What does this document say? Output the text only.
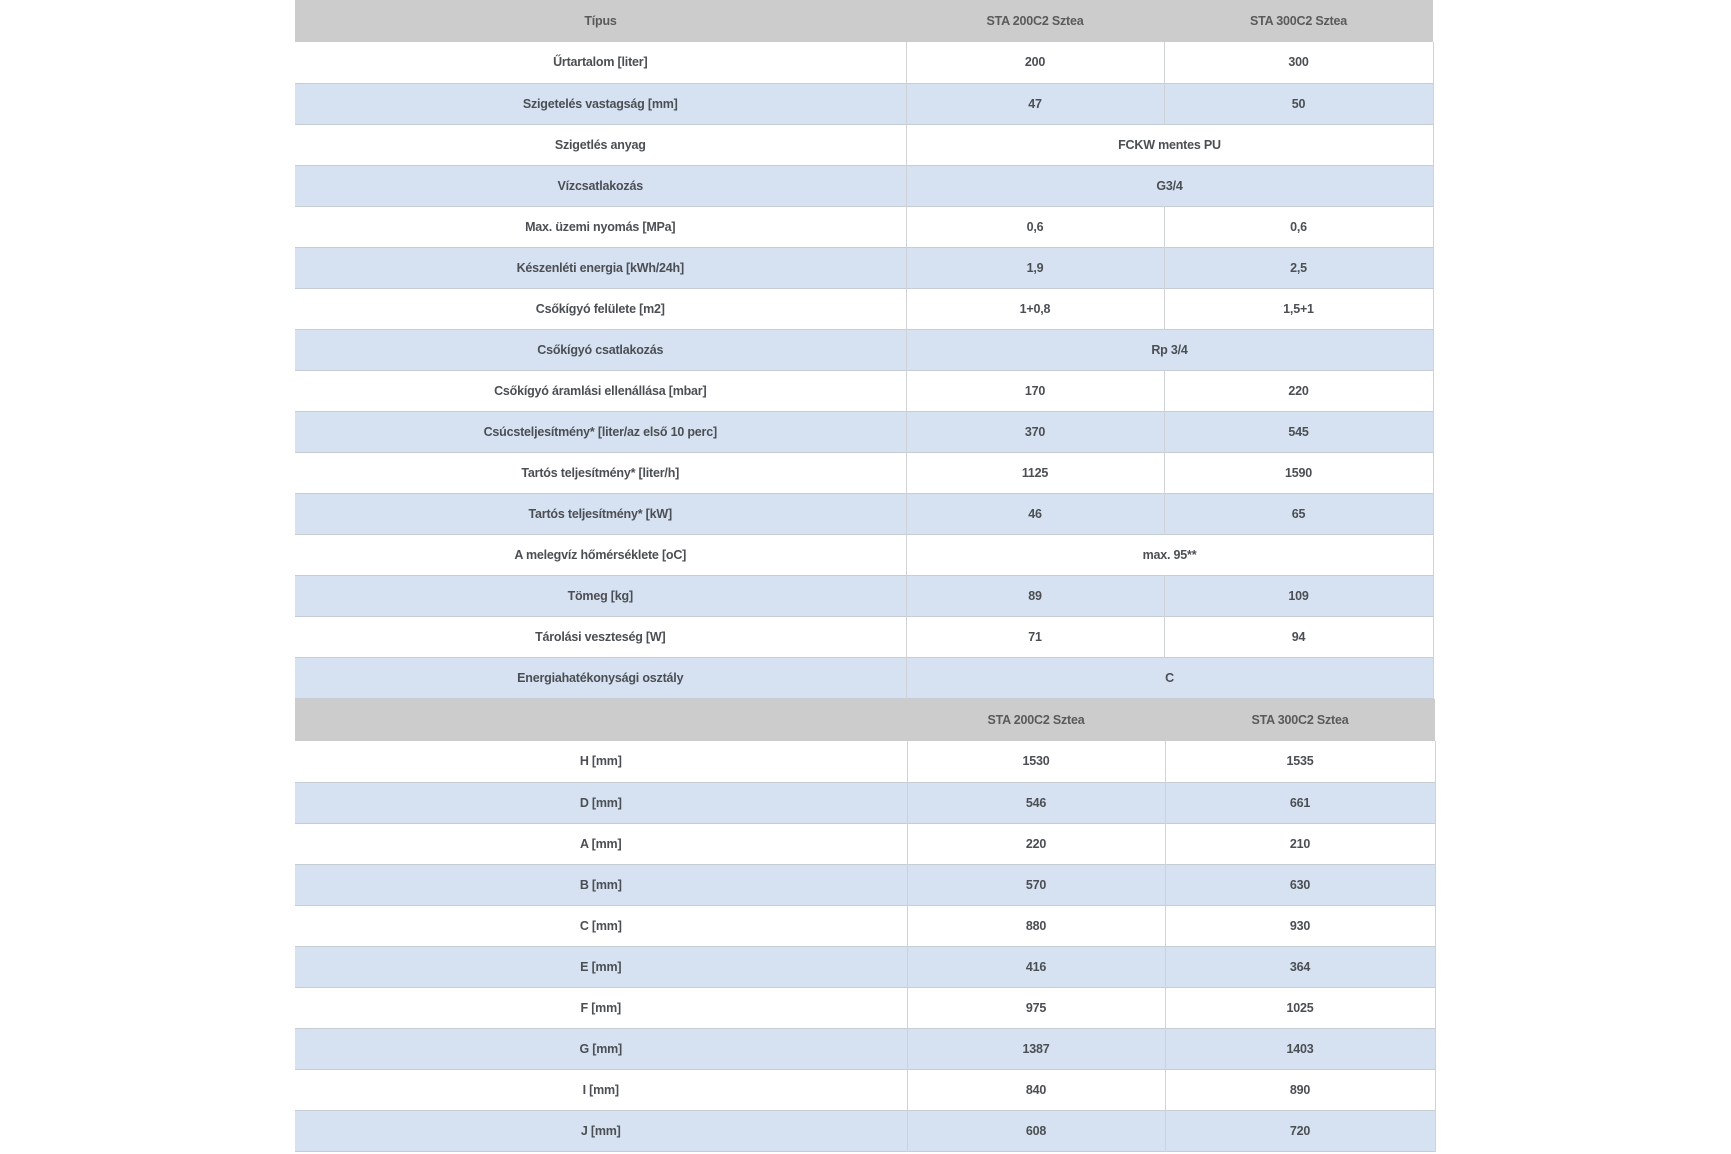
Típus	STA 200C2 Sztea	STA 300C2 Sztea
Űrtartalom [liter]	200	300
Szigetelés vastagság [mm]	47	50
Szigetlés anyag	FCKW mentes PU	
Vízcsatlakozás	G3/4	
Max. üzemi nyomás [MPa]	0,6	0,6
Készenléti energia [kWh/24h]	1,9	2,5
Csőkígyó felülete [m2]	1+0,8	1,5+1
Csőkígyó csatlakozás	Rp 3/4	
Csőkígyó áramlási ellenállása [mbar]	170	220
Csúcsteljesítmény* [liter/az első 10 perc]	370	545
Tartós teljesítmény* [liter/h]	1125	1590
Tartós teljesítmény* [kW]	46	65
A melegvíz hőmérséklete [oC]	max. 95**	
Tömeg [kg]	89	109
Tárolási veszteség [W]	71	94
Energiahatékonysági osztály	C	
	STA 200C2 Sztea	STA 300C2 Sztea
H [mm]	1530	1535
D [mm]	546	661
A [mm]	220	210
B [mm]	570	630
C [mm]	880	930
E [mm]	416	364
F [mm]	975	1025
G [mm]	1387	1403
I [mm]	840	890
J [mm]	608	720
